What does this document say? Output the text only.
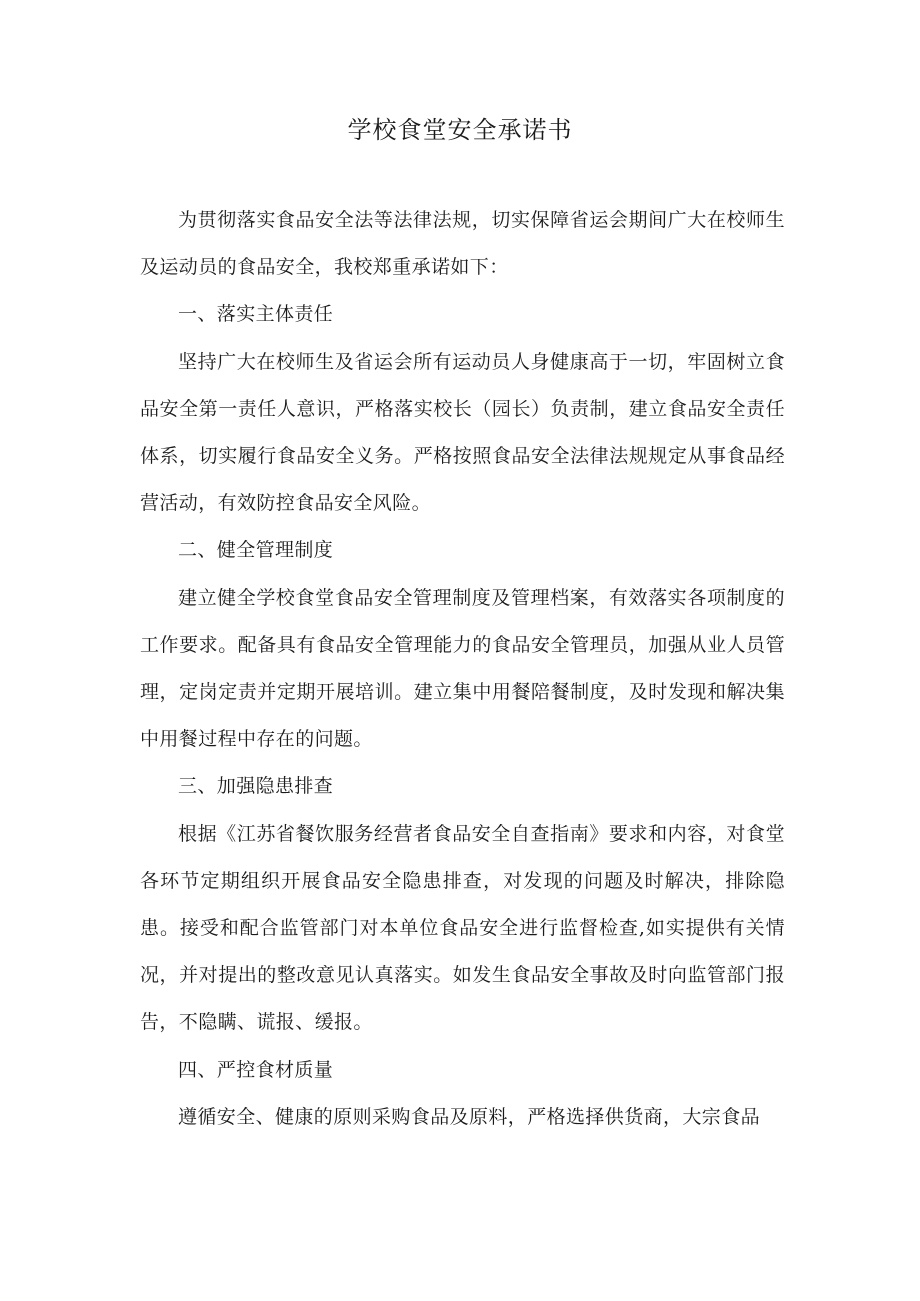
学校食堂安全承诺书

为贯彻落实食品安全法等法律法规，切实保障省运会期间广大在校师生及运动员的食品安全，我校郑重承诺如下：

一、落实主体责任

坚持广大在校师生及省运会所有运动员人身健康高于一切，牢固树立食品安全第一责任人意识，严格落实校长（园长）负责制，建立食品安全责任体系，切实履行食品安全义务。严格按照食品安全法律法规规定从事食品经营活动，有效防控食品安全风险。

二、健全管理制度

建立健全学校食堂食品安全管理制度及管理档案，有效落实各项制度的工作要求。配备具有食品安全管理能力的食品安全管理员，加强从业人员管理，定岗定责并定期开展培训。建立集中用餐陪餐制度，及时发现和解决集中用餐过程中存在的问题。

三、加强隐患排查

根据《江苏省餐饮服务经营者食品安全自查指南》要求和内容，对食堂各环节定期组织开展食品安全隐患排查，对发现的问题及时解决，排除隐患。接受和配合监管部门对本单位食品安全进行监督检查,如实提供有关情况，并对提出的整改意见认真落实。如发生食品安全事故及时向监管部门报告，不隐瞒、谎报、缓报。

四、严控食材质量

遵循安全、健康的原则采购食品及原料，严格选择供货商，大宗食品
